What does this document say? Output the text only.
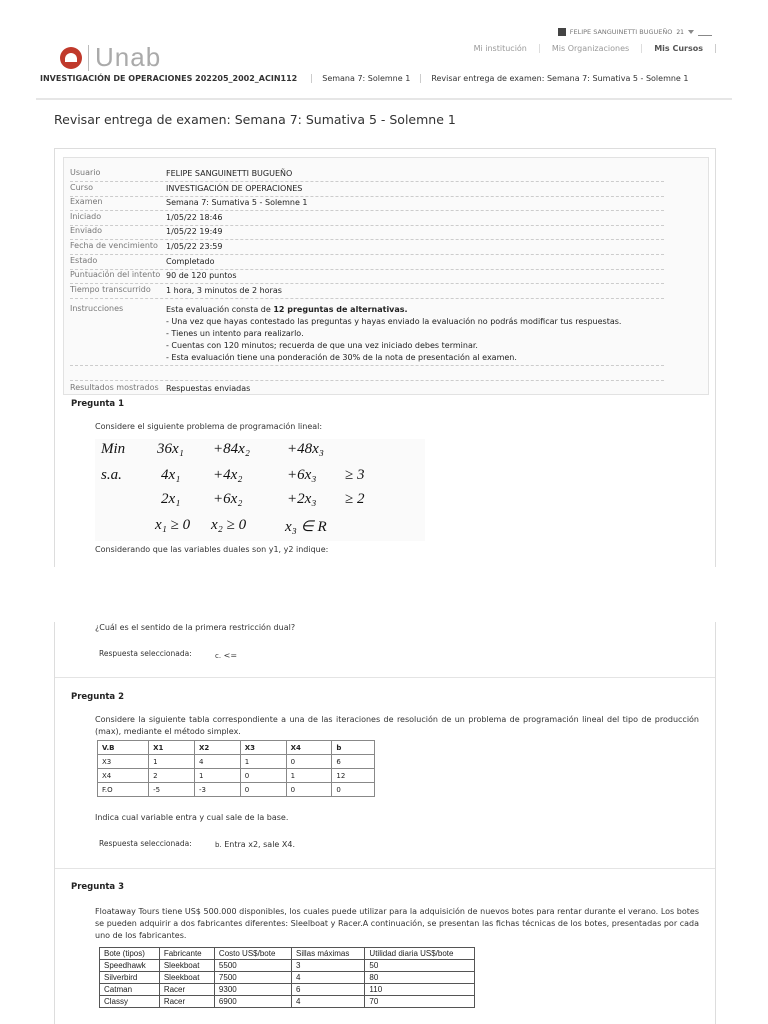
FELIPE SANGUINETTI BUGUEÑO 21
Unab	Mi institución	Mis Organizaciones	Mis Cursos
INVESTIGACIÓN DE OPERACIONES 202205_2002_ACIN112	Semana 7: Solemne 1	Revisar entrega de examen: Semana 7: Sumativa 5 - Solemne 1
Revisar entrega de examen: Semana 7: Sumativa 5 - Solemne 1
Usuario	FELIPE SANGUINETTI BUGUEÑO
Curso	INVESTIGACIÓN DE OPERACIONES
Examen	Semana 7: Sumativa 5 - Solemne 1
Iniciado	1/05/22 18:46
Enviado	1/05/22 19:49
Fecha de vencimiento	1/05/22 23:59
Estado	Completado
Puntuación del intento 90 de 120 puntos
Tiempo transcurrido	1 hora, 3 minutos de 2 horas
Instrucciones	Esta evaluación consta de 12 preguntas de alternativas.
- Una vez que hayas contestado las preguntas y hayas enviado la evaluación no podrás modificar tus respuestas.
- Tienes un intento para realizarlo.
- Cuentas con 120 minutos; recuerda de que una vez iniciado debes terminar.
- Esta evaluación tiene una ponderación de 30% de la nota de presentación al examen.
Resultados mostrados Respuestas enviadas
Pregunta 1
Considere el siguiente problema de programación lineal:
Min 36x₁ +84x₂ +48x₃
s.a.	4x₁ +4x₂	+6x₃ ≥ 3
2x₁ +6x₂	+2x₃ ≥ 2
x₁ ≥ 0 x₂ ≥ 0	x₃ ∈ R
Considerando que las variables duales son y1, y2 indique:
¿Cuál es el sentido de la primera restricción dual?
Respuesta seleccionada:	c. <=
Pregunta 2
Considere la siguiente tabla correspondiente a una de las iteraciones de resolución de un problema de programación lineal del tipo de producción (max), mediante el método simplex.
V.B	X1	X2	X3	X4	b
X3	1	4	1	0	6
X4	2	1	0	1	12
F.O	-5	-3	0	0	0
Indica cual variable entra y cual sale de la base.
Respuesta seleccionada:	b. Entra x2, sale X4.
Pregunta 3
Floataway Tours tiene US$ 500.000 disponibles, los cuales puede utilizar para la adquisición de nuevos botes para rentar durante el verano. Los botes se pueden adquirir a dos fabricantes diferentes: Sleelboat y Racer.A continuación, se presentan las fichas técnicas de los botes, presentadas por cada uno de los fabricantes.
Bote (tipos)	Fabricante	Costo US$/bote	Sillas máximas	Utilidad diaria US$/bote
Speedhawk	Sleekboat	5500	3	50
Silverbird	Sleekboat	7500	4	80
Catman	Racer	9300	6	110
Classy	Racer	6900	4	70
